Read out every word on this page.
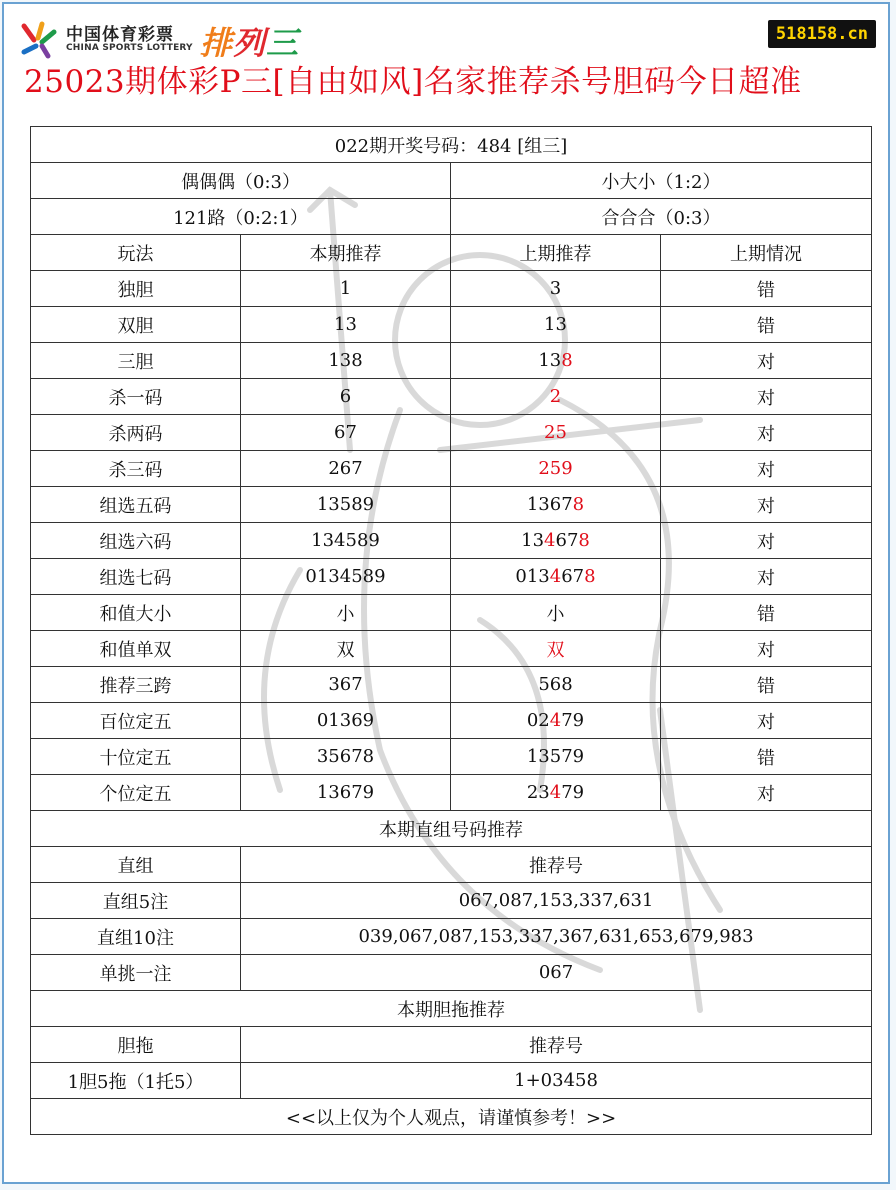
中国体育彩票
CHINA SPORTS LOTTERY 排列三	518158.cn
25023期体彩P三[自由如风]名家推荐杀号胆码今日超准
022期开奖号码：484 [组三]			
偶偶偶（0:3）		小大小（1:2）	
121路（0:2:1）		合合合（0:3）	
玩法	本期推荐	上期推荐	上期情况
独胆	1	3	错
双胆	13	13	错
三胆	138	138	对
杀一码	6	2	对
杀两码	67	25	对
杀三码	267	259	对
组选五码	13589	13678	对
组选六码	134589	134678	对
组选七码	0134589	0134678	对
和值大小	小	小	错
和值单双	双	双	对
推荐三跨	367	568	错
百位定五	01369	02479	对
十位定五	35678	13579	错
个位定五	13679	23479	对
本期直组号码推荐			
直组	推荐号		
直组5注	067,087,153,337,631		
直组10注	039,067,087,153,337,367,631,653,679,983		
单挑一注	067		
本期胆拖推荐			
胆拖	推荐号		
1胆5拖（1托5）	1+03458		
<<以上仅为个人观点，请谨慎参考！>>			
